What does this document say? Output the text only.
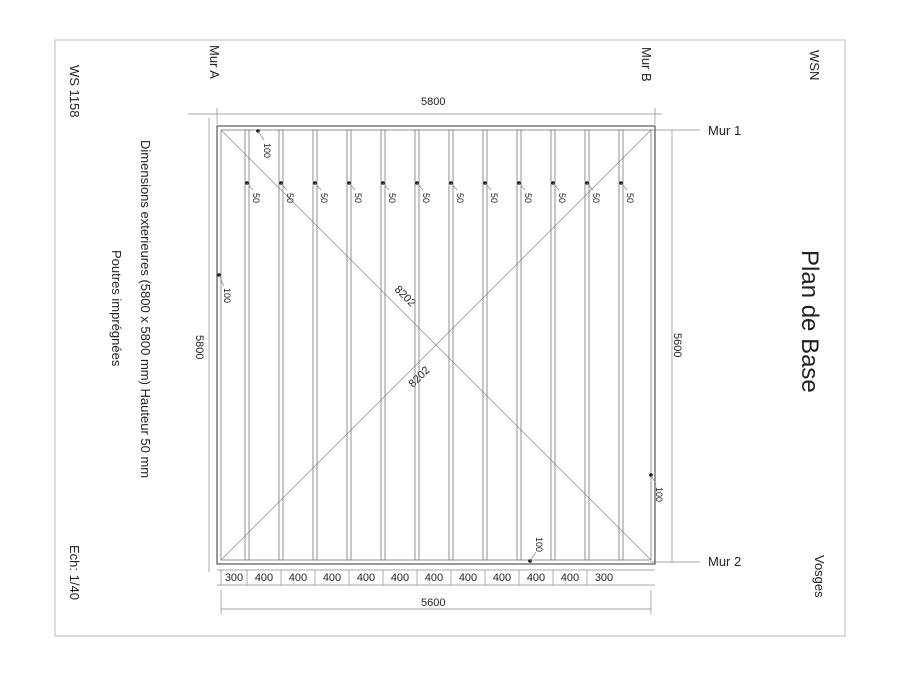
WS 1158
Ech: 1/40
Dimensions exterieures (5800 x 5800 mm) Hauteur 50 mm
Poutres imprégnées	5800
WSN
Plan de Base
Vosges
5600
Mur A	Mur B
Mur 1
Mur 2
5800
8202
8202
50	50	50	50	50	50	50	50	50	50	50	50
100
100
100
100
300 400 400 400 400 400 400 400 400 400 400 300
5600
